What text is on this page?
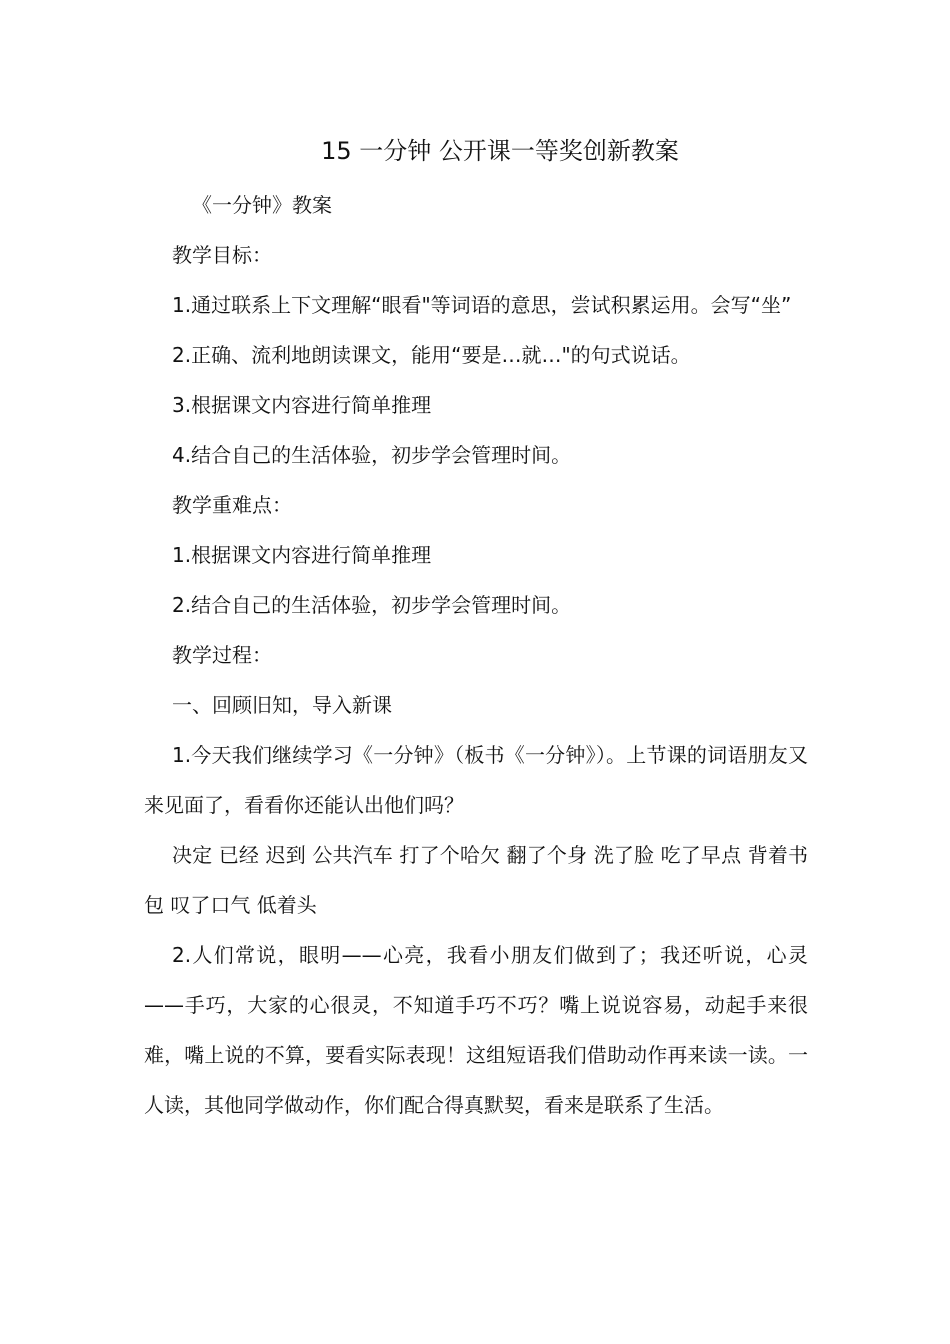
15 一分钟 公开课一等奖创新教案

《一分钟》教案

教学目标：

1.通过联系上下文理解“眼看"等词语的意思，尝试积累运用。会写“坐”

2.正确、流利地朗读课文，能用“要是…就…"的句式说话。

3.根据课文内容进行简单推理

4.结合自己的生活体验，初步学会管理时间。

教学重难点：

1.根据课文内容进行简单推理

2.结合自己的生活体验，初步学会管理时间。

教学过程：

一、回顾旧知，导入新课

1.今天我们继续学习《一分钟》（板书《一分钟》）。上节课的词语朋友又来见面了，看看你还能认出他们吗？

决定 已经 迟到 公共汽车 打了个哈欠 翻了个身 洗了脸 吃了早点 背着书包 叹了口气 低着头

2.人们常说，眼明——心亮，我看小朋友们做到了；我还听说，心灵——手巧，大家的心很灵，不知道手巧不巧？嘴上说说容易，动起手来很难，嘴上说的不算，要看实际表现！这组短语我们借助动作再来读一读。一人读，其他同学做动作，你们配合得真默契，看来是联系了生活。
